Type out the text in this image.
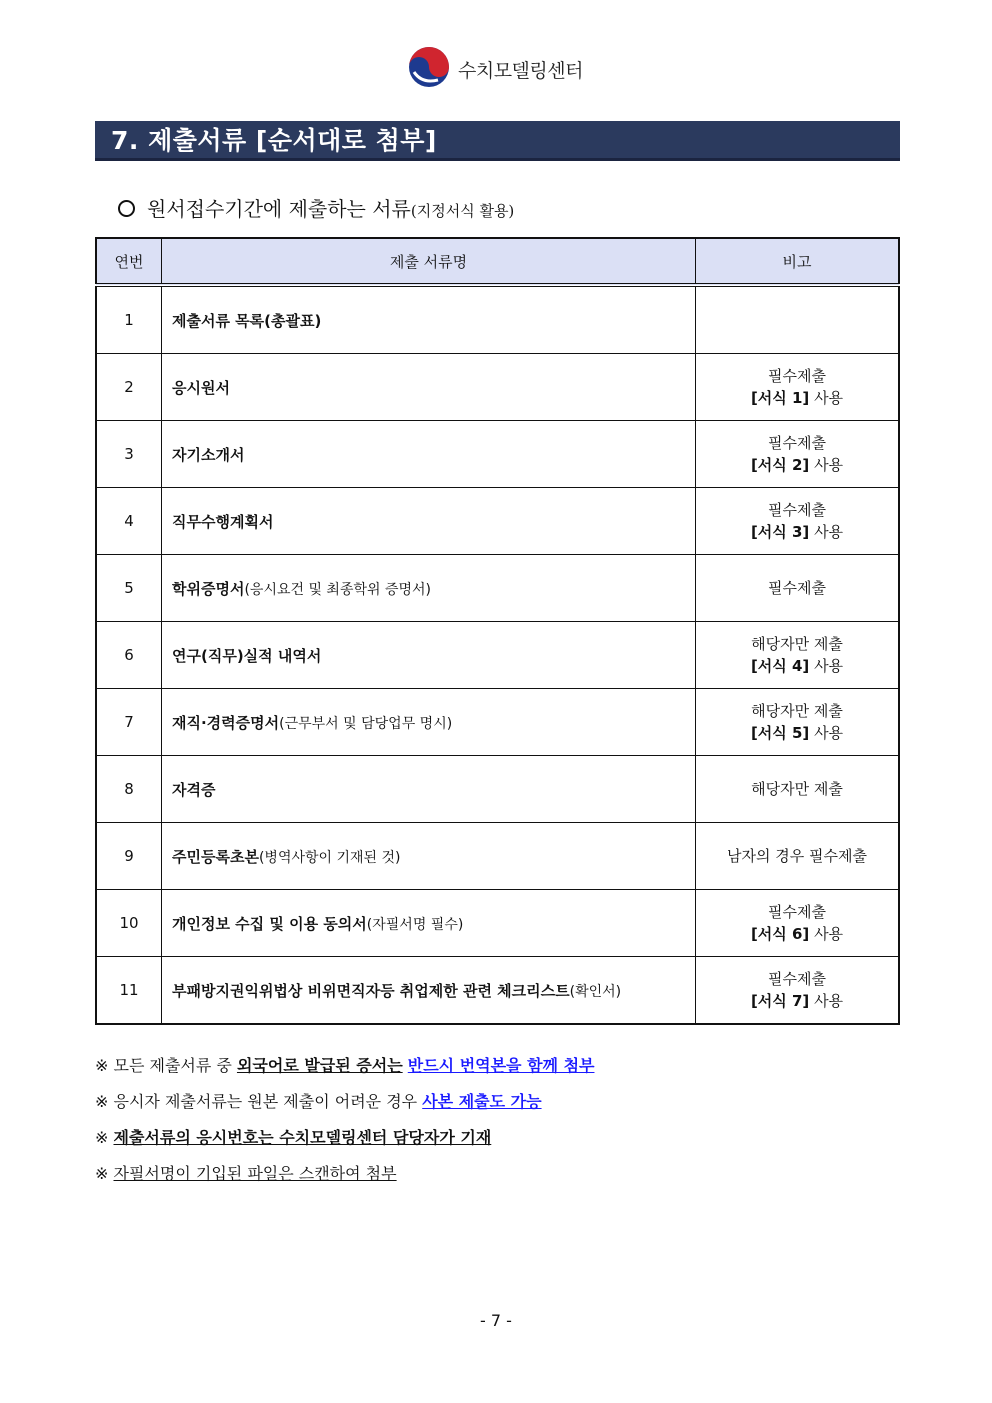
수치모델링센터
7. 제출서류 [순서대로 첨부]
원서접수기간에 제출하는 서류(지정서식 활용)
연번	제출 서류명	비고
1	제출서류 목록(총괄표)	

2	응시원서	필수제출
[서식 1] 사용

3	자기소개서	필수제출
[서식 2] 사용

4	직무수행계획서	필수제출
[서식 3] 사용

5	학위증명서(응시요건 및 최종학위 증명서)	필수제출

6	연구(직무)실적 내역서	해당자만 제출
[서식 4] 사용

7	재직·경력증명서(근무부서 및 담당업무 명시)	해당자만 제출
[서식 5] 사용

8	자격증	해당자만 제출

9	주민등록초본(병역사항이 기재된 것)	남자의 경우 필수제출

10	개인정보 수집 및 이용 동의서(자필서명 필수)	필수제출
[서식 6] 사용

11	부패방지권익위법상 비위면직자등 취업제한 관련 체크리스트(확인서)	필수제출
[서식 7] 사용
※ 모든 제출서류 중 외국어로 발급된 증서는 반드시 번역본을 함께 첨부
※ 응시자 제출서류는 원본 제출이 어려운 경우 사본 제출도 가능
※ 제출서류의 응시번호는 수치모델링센터 담당자가 기재
※ 자필서명이 기입된 파일은 스캔하여 첨부
- 7 -
